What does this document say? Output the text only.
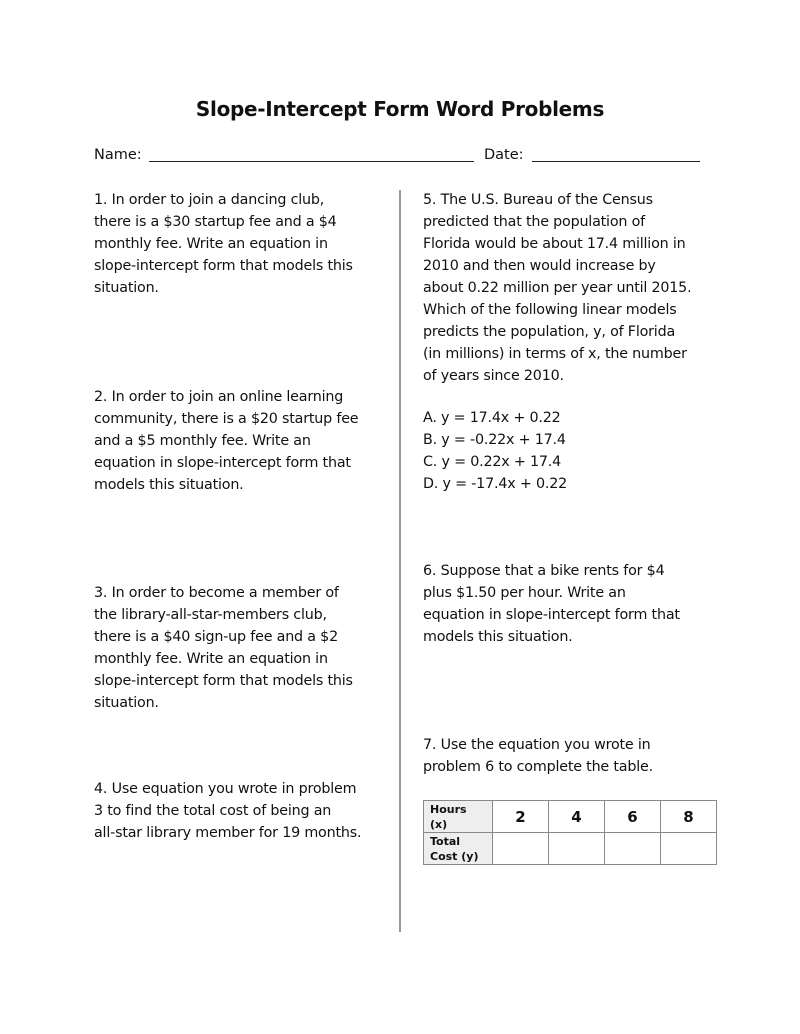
Slope-Intercept Form Word Problems
Name:	Date:
1. In order to join a dancing club,
there is a $30 startup fee and a $4
monthly fee. Write an equation in
slope-intercept form that models this
situation.
2. In order to join an online learning
community, there is a $20 startup fee
and a $5 monthly fee. Write an
equation in slope-intercept form that
models this situation.
3. In order to become a member of
the library-all-star-members club,
there is a $40 sign-up fee and a $2
monthly fee. Write an equation in
slope-intercept form that models this
situation.
4. Use equation you wrote in problem
3 to find the total cost of being an
all-star library member for 19 months.
5. The U.S. Bureau of the Census
predicted that the population of
Florida would be about 17.4 million in
2010 and then would increase by
about 0.22 million per year until 2015.
Which of the following linear models
predicts the population, y, of Florida
(in millions) in terms of x, the number
of years since 2010.
A. y = 17.4x + 0.22
B. y = -0.22x + 17.4
C. y = 0.22x + 17.4
D. y = -17.4x + 0.22
6. Suppose that a bike rents for $4
plus $1.50 per hour. Write an
equation in slope-intercept form that
models this situation.
7. Use the equation you wrote in
problem 6 to complete the table.
Hours
(x)	2	4	6	8
Total
Cost (y)				
